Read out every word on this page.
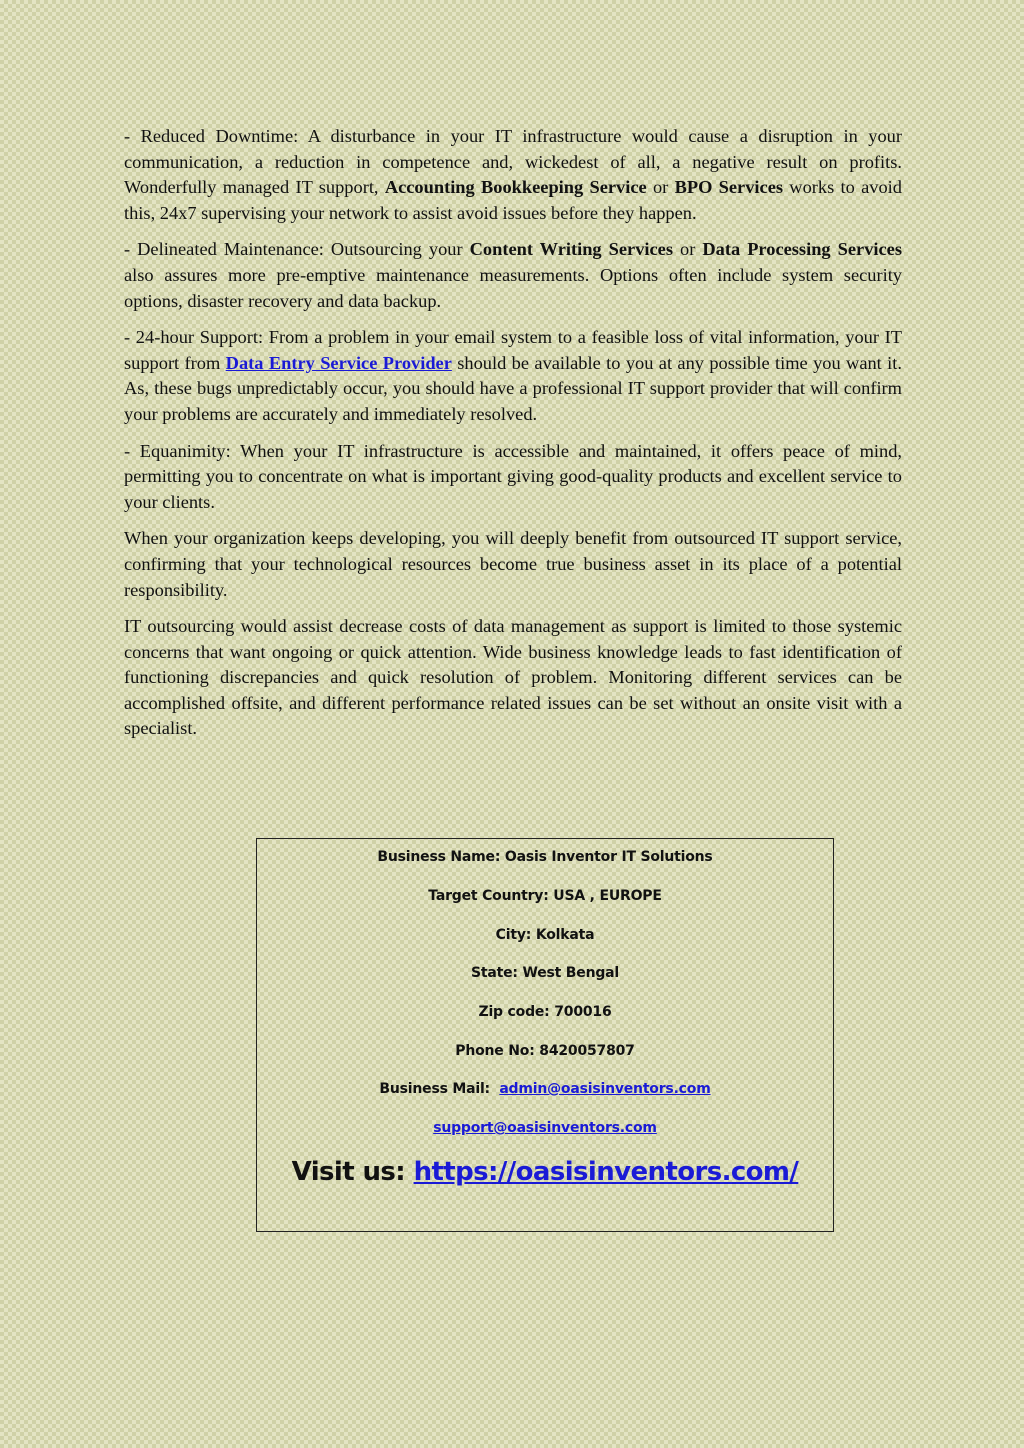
- Reduced Downtime: A disturbance in your IT infrastructure would cause a disruption in your communication, a reduction in competence and, wickedest of all, a negative result on profits. Wonderfully managed IT support, Accounting Bookkeeping Service or BPO Services works to avoid this, 24x7 supervising your network to assist avoid issues before they happen.

- Delineated Maintenance: Outsourcing your Content Writing Services or Data Processing Services also assures more pre-emptive maintenance measurements. Options often include system security options, disaster recovery and data backup.

- 24-hour Support: From a problem in your email system to a feasible loss of vital information, your IT support from Data Entry Service Provider should be available to you at any possible time you want it. As, these bugs unpredictably occur, you should have a professional IT support provider that will confirm your problems are accurately and immediately resolved.

- Equanimity: When your IT infrastructure is accessible and maintained, it offers peace of mind, permitting you to concentrate on what is important giving good-quality products and excellent service to your clients.

When your organization keeps developing, you will deeply benefit from outsourced IT support service, confirming that your technological resources become true business asset in its place of a potential responsibility.

IT outsourcing would assist decrease costs of data management as support is limited to those systemic concerns that want ongoing or quick attention. Wide business knowledge leads to fast identification of functioning discrepancies and quick resolution of problem. Monitoring different services can be accomplished offsite, and different performance related issues can be set without an onsite visit with a specialist.

Business Name: Oasis Inventor IT Solutions
Target Country: USA , EUROPE
City: Kolkata
State: West Bengal
Zip code: 700016
Phone No: 8420057807
Business Mail: admin@oasisinventors.com
support@oasisinventors.com
Visit us: https://oasisinventors.com/
